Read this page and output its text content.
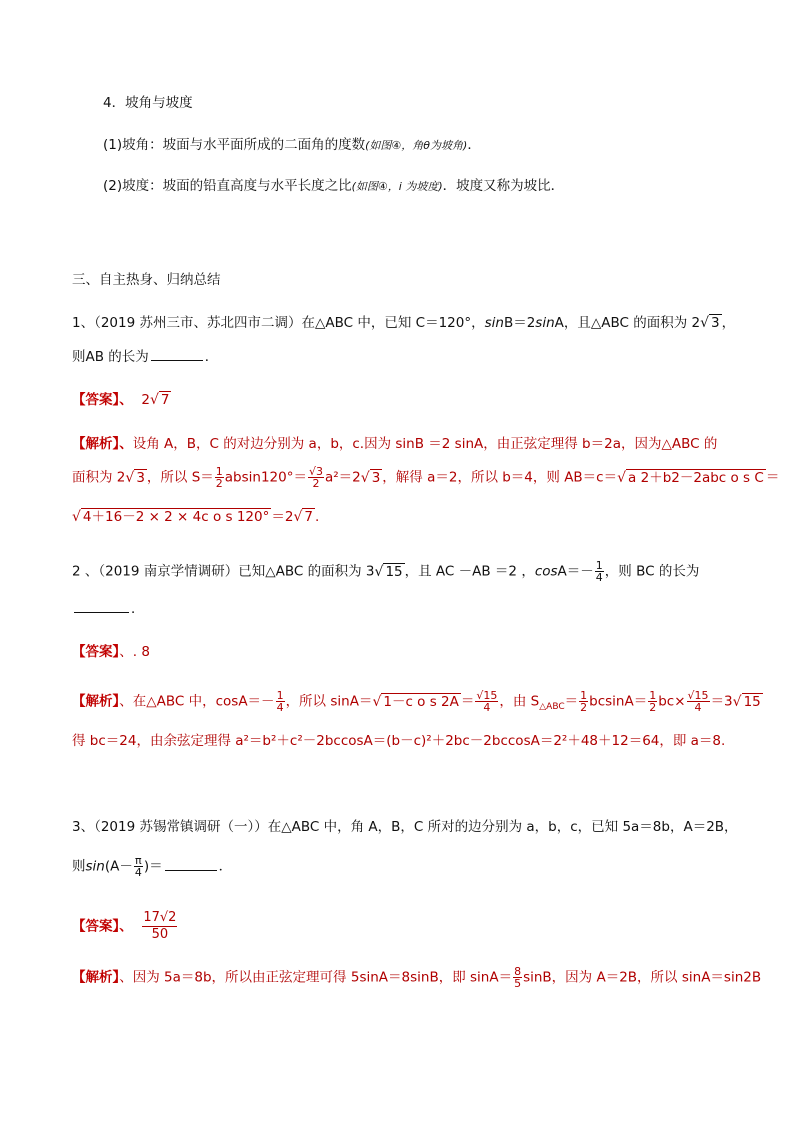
4．坡角与坡度
(1)坡角：坡面与水平面所成的二面角的度数(如图④，角θ为坡角)．
(2)坡度：坡面的铅直高度与水平长度之比(如图④，i 为坡度)．坡度又称为坡比．
三、自主热身、归纳总结
1、（2019 苏州三市、苏北四市二调）在△ABC 中，已知 C＝120°，sinB＝2sinA，且△ABC 的面积为 2√ 3 ，
则AB 的长为	．
【答案】、 2√ 7
【解析】、设角 A，B，C 的对边分别为 a，b，c.因为 sinB ＝2 sinA，由正弦定理得 b＝2a，因为△ABC 的
面积为 2√ 3 ，所以 $S= \frac{1}{2} absin120^\circ= \frac{√3}{2} a^2=2√$ 3 ，解得 a＝2，所以 b＝4，则 AB＝c＝√ a 2＋b2－2abc o s C ＝
√ 4＋16－2 × 2 × 4c o s 120° ＝2√ 7 .
2 、（2019 南京学情调研）已知△ABC 的面积为 3√ 15 ，且 AC －AB ＝2 ，$\cos A=- \frac{1}{4}$ ，则 BC 的长为
．
【答案】、. 8
【解析】、在△ABC 中，$\cos A=- \frac{1}{4}$ ，所以 sinA＝√ 1－c o s $2A = \frac{√15}{4}$ ，由 $S_{\triangle ABC}= \frac{1}{2} bcsinA= \frac{1}{2} bc\times \frac{√15}{4} =3√$ 15
得 bc＝24，由余弦定理得 a²＝b²＋c²－2bccosA＝(b－c)²＋2bc－2bccosA＝2²＋48＋12＝64，即 a＝8.
3、（2019 苏锡常镇调研（一））在△ABC 中，角 A，B，C 所对的边分别为 a，b，c，已知 5a＝8b，A＝2B，
则$\sin(A- \frac{\pi}{4}$ )＝	．
【答案】、 $\frac{17√2}{50}$
【解析】、因为 5a＝8b，所以由正弦定理可得 5sinA＝8sinB，即 $\sin A= \frac{8}{5}$ sinB，因为 A＝2B，所以 sinA＝sin2B
